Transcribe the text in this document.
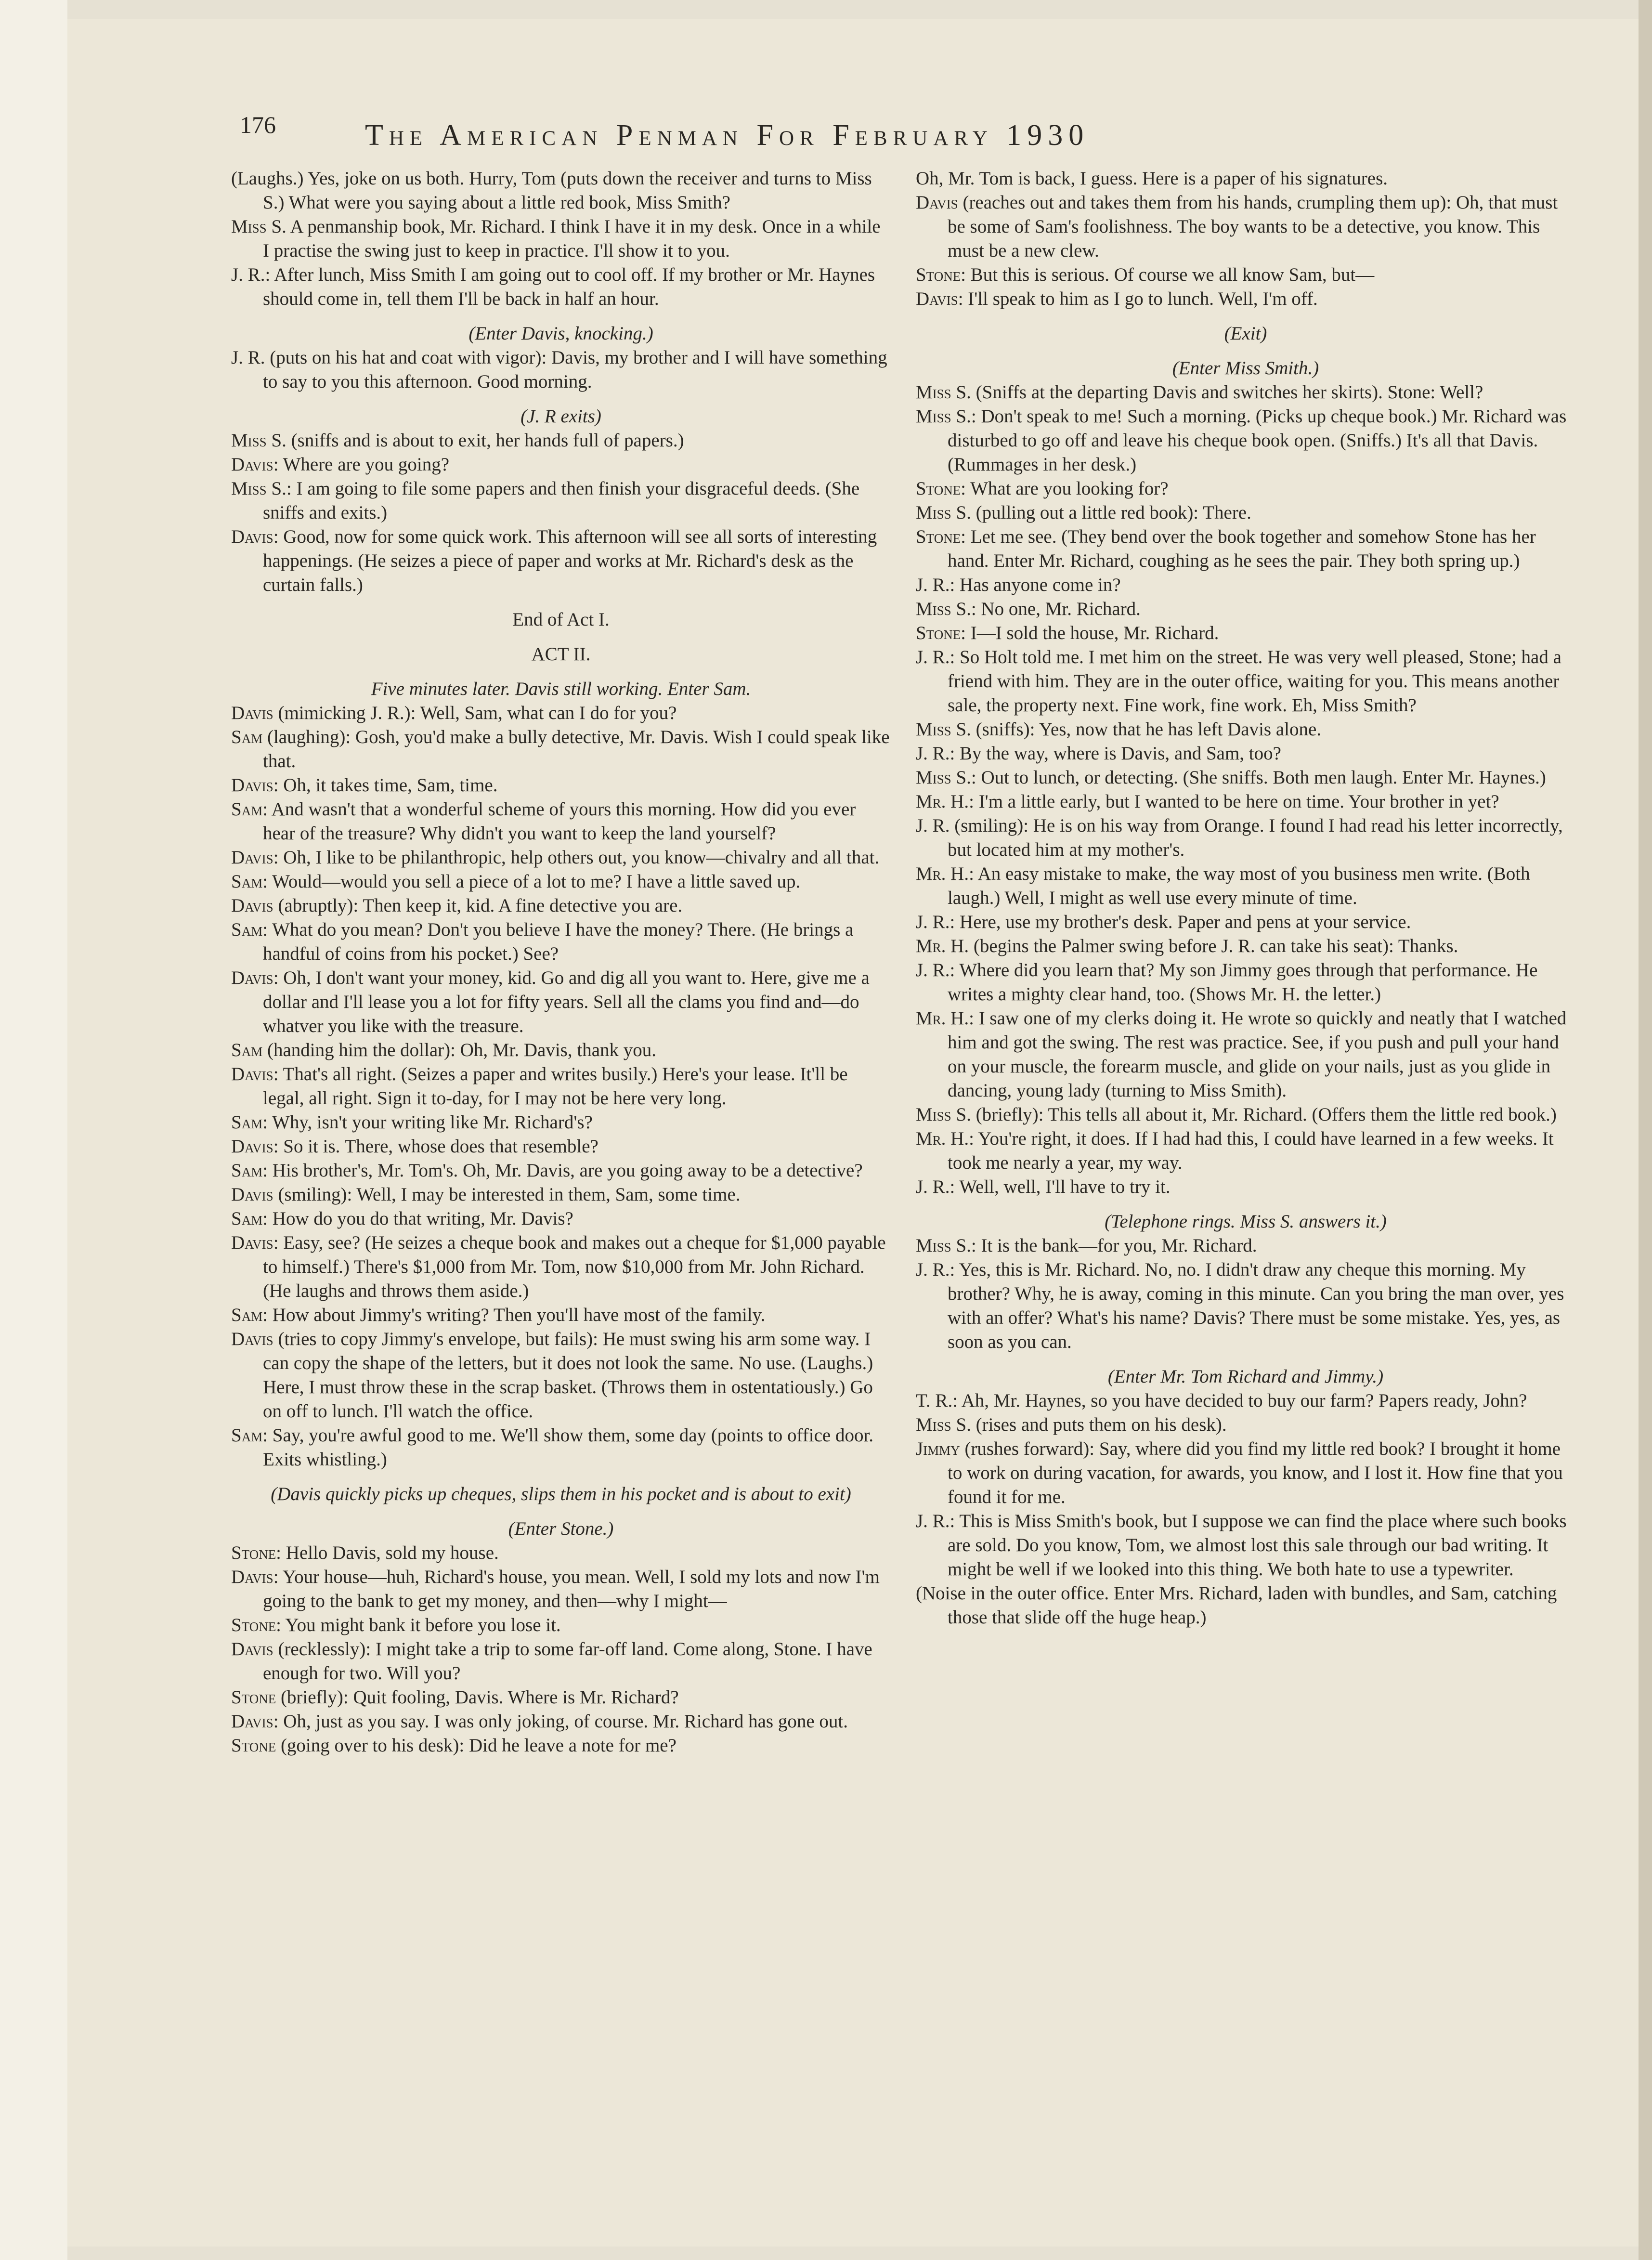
176	The American Penman For February 1930

(Laughs.) Yes, joke on us both. Hurry, Tom (puts down the receiver and turns to Miss S.) What were you saying about a little red book, Miss Smith?

Miss S. A penmanship book, Mr. Richard. I think I have it in my desk. Once in a while I practise the swing just to keep in practice. I'll show it to you.

J. R.: After lunch, Miss Smith I am going out to cool off. If my brother or Mr. Haynes should come in, tell them I'll be back in half an hour.

(Enter Davis, knocking.)

J. R. (puts on his hat and coat with vigor): Davis, my brother and I will have something to say to you this afternoon. Good morning.

(J. R exits)

Miss S. (sniffs and is about to exit, her hands full of papers.)

Davis: Where are you going?

Miss S.: I am going to file some papers and then finish your disgraceful deeds. (She sniffs and exits.)

Davis: Good, now for some quick work. This afternoon will see all sorts of interesting happenings. (He seizes a piece of paper and works at Mr. Richard's desk as the curtain falls.)

End of Act I.

ACT II.

Five minutes later. Davis still working. Enter Sam.

Davis (mimicking J. R.): Well, Sam, what can I do for you?

Sam (laughing): Gosh, you'd make a bully detective, Mr. Davis. Wish I could speak like that.

Davis: Oh, it takes time, Sam, time.

Sam: And wasn't that a wonderful scheme of yours this morning. How did you ever hear of the treasure? Why didn't you want to keep the land yourself?

Davis: Oh, I like to be philanthropic, help others out, you know—chivalry and all that.

Sam: Would—would you sell a piece of a lot to me? I have a little saved up.

Davis (abruptly): Then keep it, kid. A fine detective you are.

Sam: What do you mean? Don't you believe I have the money? There. (He brings a handful of coins from his pocket.) See?

Davis: Oh, I don't want your money, kid. Go and dig all you want to. Here, give me a dollar and I'll lease you a lot for fifty years. Sell all the clams you find and—do whatver you like with the treasure.

Sam (handing him the dollar): Oh, Mr. Davis, thank you.

Davis: That's all right. (Seizes a paper and writes busily.) Here's your lease. It'll be legal, all right. Sign it to-day, for I may not be here very long.

Sam: Why, isn't your writing like Mr. Richard's?

Davis: So it is. There, whose does that resemble?

Sam: His brother's, Mr. Tom's. Oh, Mr. Davis, are you going away to be a detective?

Davis (smiling): Well, I may be interested in them, Sam, some time.

Sam: How do you do that writing, Mr. Davis?

Davis: Easy, see? (He seizes a cheque book and makes out a cheque for $1,000 payable to himself.) There's $1,000 from Mr. Tom, now $10,000 from Mr. John Richard. (He laughs and throws them aside.)

Sam: How about Jimmy's writing? Then you'll have most of the family.

Davis (tries to copy Jimmy's envelope, but fails): He must swing his arm some way. I can copy the shape of the letters, but it does not look the same. No use. (Laughs.) Here, I must throw these in the scrap basket. (Throws them in ostentatiously.) Go on off to lunch. I'll watch the office.

Sam: Say, you're awful good to me. We'll show them, some day (points to office door. Exits whistling.)

(Davis quickly picks up cheques, slips them in his pocket and is about to exit)

(Enter Stone.)

Stone: Hello Davis, sold my house.

Davis: Your house—huh, Richard's house, you mean. Well, I sold my lots and now I'm going to the bank to get my money, and then—why I might—

Stone: You might bank it before you lose it.

Davis (recklessly): I might take a trip to some far-off land. Come along, Stone. I have enough for two. Will you?

Stone (briefly): Quit fooling, Davis. Where is Mr. Richard?

Davis: Oh, just as you say. I was only joking, of course. Mr. Richard has gone out.

Stone (going over to his desk): Did he leave a note for me?

Oh, Mr. Tom is back, I guess. Here is a paper of his signatures.

Davis (reaches out and takes them from his hands, crumpling them up): Oh, that must be some of Sam's foolishness. The boy wants to be a detective, you know. This must be a new clew.

Stone: But this is serious. Of course we all know Sam, but—

Davis: I'll speak to him as I go to lunch. Well, I'm off.

(Exit)

(Enter Miss Smith.)

Miss S. (Sniffs at the departing Davis and switches her skirts). Stone: Well?

Miss S.: Don't speak to me! Such a morning. (Picks up cheque book.) Mr. Richard was disturbed to go off and leave his cheque book open. (Sniffs.) It's all that Davis. (Rummages in her desk.)

Stone: What are you looking for?

Miss S. (pulling out a little red book): There.

Stone: Let me see. (They bend over the book together and somehow Stone has her hand. Enter Mr. Richard, coughing as he sees the pair. They both spring up.)

J. R.: Has anyone come in?

Miss S.: No one, Mr. Richard.

Stone: I—I sold the house, Mr. Richard.

J. R.: So Holt told me. I met him on the street. He was very well pleased, Stone; had a friend with him. They are in the outer office, waiting for you. This means another sale, the property next. Fine work, fine work. Eh, Miss Smith?

Miss S. (sniffs): Yes, now that he has left Davis alone.

J. R.: By the way, where is Davis, and Sam, too?

Miss S.: Out to lunch, or detecting. (She sniffs. Both men laugh. Enter Mr. Haynes.)

Mr. H.: I'm a little early, but I wanted to be here on time. Your brother in yet?

J. R. (smiling): He is on his way from Orange. I found I had read his letter incorrectly, but located him at my mother's.

Mr. H.: An easy mistake to make, the way most of you business men write. (Both laugh.) Well, I might as well use every minute of time.

J. R.: Here, use my brother's desk. Paper and pens at your service.

Mr. H. (begins the Palmer swing before J. R. can take his seat): Thanks.

J. R.: Where did you learn that? My son Jimmy goes through that performance. He writes a mighty clear hand, too. (Shows Mr. H. the letter.)

Mr. H.: I saw one of my clerks doing it. He wrote so quickly and neatly that I watched him and got the swing. The rest was practice. See, if you push and pull your hand on your muscle, the forearm muscle, and glide on your nails, just as you glide in dancing, young lady (turning to Miss Smith).

Miss S. (briefly): This tells all about it, Mr. Richard. (Offers them the little red book.)

Mr. H.: You're right, it does. If I had had this, I could have learned in a few weeks. It took me nearly a year, my way.

J. R.: Well, well, I'll have to try it.

(Telephone rings. Miss S. answers it.)

Miss S.: It is the bank—for you, Mr. Richard.

J. R.: Yes, this is Mr. Richard. No, no. I didn't draw any cheque this morning. My brother? Why, he is away, coming in this minute. Can you bring the man over, yes with an offer? What's his name? Davis? There must be some mistake. Yes, yes, as soon as you can.

(Enter Mr. Tom Richard and Jimmy.)

T. R.: Ah, Mr. Haynes, so you have decided to buy our farm? Papers ready, John?

Miss S. (rises and puts them on his desk).

Jimmy (rushes forward): Say, where did you find my little red book? I brought it home to work on during vacation, for awards, you know, and I lost it. How fine that you found it for me.

J. R.: This is Miss Smith's book, but I suppose we can find the place where such books are sold. Do you know, Tom, we almost lost this sale through our bad writing. It might be well if we looked into this thing. We both hate to use a typewriter.

(Noise in the outer office. Enter Mrs. Richard, laden with bundles, and Sam, catching those that slide off the huge heap.)
